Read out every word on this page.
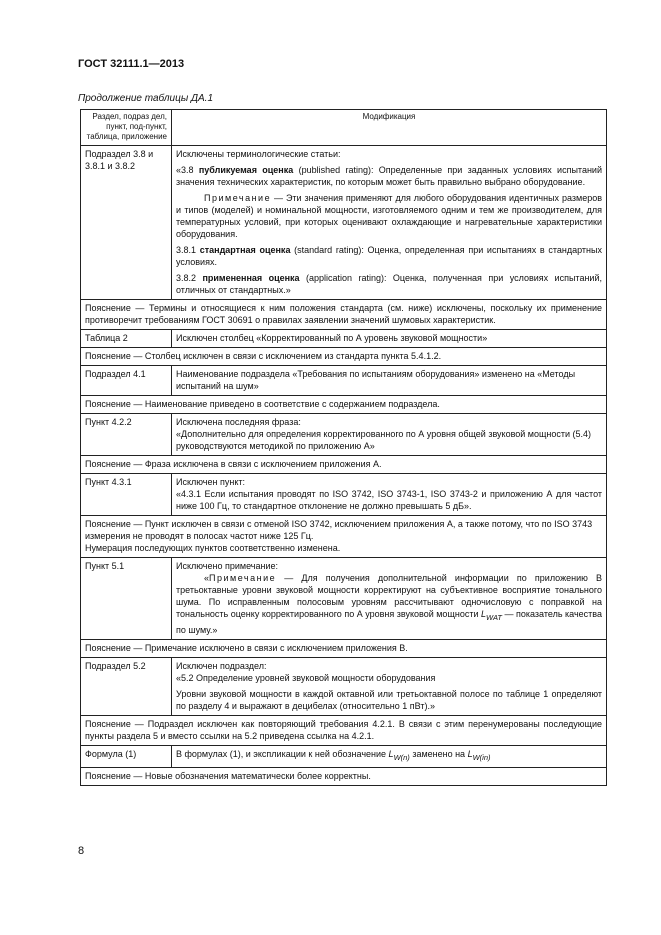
ГОСТ 32111.1—2013
Продолжение таблицы ДА.1
Раздел, подраз дел, пункт, под-пункт, таблица, приложение	Модификация
Подраздел 3.8 и 3.8.1 и 3.8.2	Исключены терминологические статьи:

«3.8 публикуемая оценка (published rating): Определенные при заданных условиях испытаний значения технических характеристик, по которым может быть правильно выбрано оборудование.

Примечание — Эти значения применяют для любого оборудования идентичных размеров и типов (моделей) и номинальной мощности, изготовляемого одним и тем же производителем, для температурных условий, при которых оценивают охлаждающие и нагревательные характеристики оборудования.

3.8.1 стандартная оценка (standard rating): Оценка, определенная при испытаниях в стандартных условиях.

3.8.2 примененная оценка (application rating): Оценка, полученная при условиях испытаний, отличных от стандартных.»

Пояснение — Термины и относящиеся к ним положения стандарта (см. ниже) исключены, поскольку их применение противоречит требованиям ГОСТ 30691 о правилах заявлении значений шумовых характеристик.	
Таблица 2	Исключен столбец «Корректированный по А уровень звуковой мощности»
Пояснение — Столбец исключен в связи с исключением из стандарта пункта 5.4.1.2.	
Подраздел 4.1	Наименование подраздела «Требования по испытаниям оборудования» изменено на «Методы испытаний на шум»
Пояснение — Наименование приведено в соответствие с содержанием подраздела.	
Пункт 4.2.2	Исключена последняя фраза:

«Дополнительно для определения корректированного по А уровня общей звуковой мощности (5.4) руководствуются методикой по приложению А»

Пояснение — Фраза исключена в связи с исключением приложения А.	
Пункт 4.3.1	Исключен пункт:

«4.3.1 Если испытания проводят по ISO 3742, ISO 3743-1, ISO 3743-2 и приложению А для частот ниже 100 Гц, то стандартное отклонение не должно превышать 5 дБ».

Пояснение — Пункт исключен в связи с отменой ISO 3742, исключением приложения А, а также потому, что по ISO 3743 измерения не проводят в полосах частот ниже 125 Гц.

Нумерация последующих пунктов соответственно изменена.	

Пункт 5.1	Исключено примечание:

«Примечание — Для получения дополнительной информации по приложению В третьоктавные уровни звуковой мощности корректируют на субъективное восприятие тонального шума. По исправленным полосовым уровням рассчитывают одночисловую с поправкой на тональность оценку корректированного по А уровня звуковой мощности $L_{WAT}$ — показатель качества по шуму.»

Пояснение — Примечание исключено в связи с исключением приложения В.	
Подраздел 5.2	Исключен подраздел:

«5.2 Определение уровней звуковой мощности оборудования

Уровни звуковой мощности в каждой октавной или третьоктавной полосе по таблице 1 определяют по разделу 4 и выражают в децибелах (относительно 1 пВт).»

Пояснение — Подраздел исключен как повторяющий требования 4.2.1. В связи с этим перенумерованы последующие пункты раздела 5 и вместо ссылки на 5.2 приведена ссылка на 4.2.1.	
Формула (1)	В формулах (1), и экспликации к ней обозначение $L_{W(n)}$ заменено на $L_{W(in)}$
Пояснение — Новые обозначения математически более корректны.	
8
